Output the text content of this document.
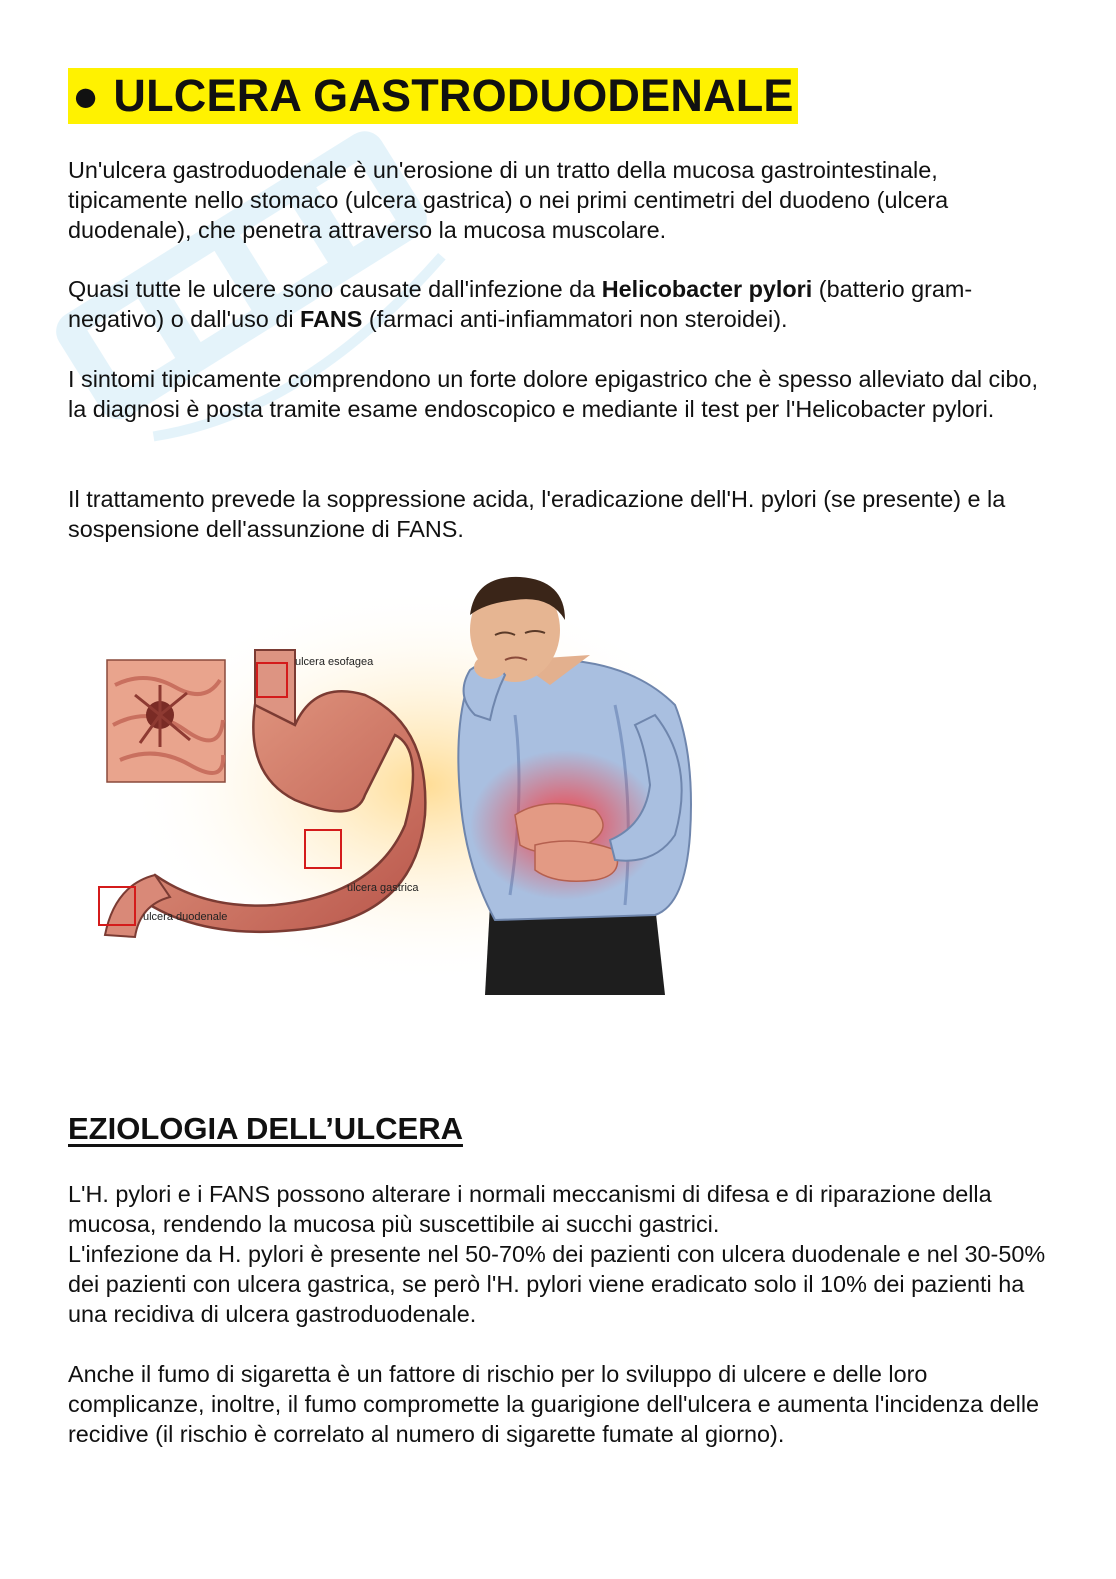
● ULCERA GASTRODUODENALE

Un'ulcera gastroduodenale è un'erosione di un tratto della mucosa gastrointestinale, tipicamente nello stomaco (ulcera gastrica) o nei primi centimetri del duodeno (ulcera duodenale), che penetra attraverso la mucosa muscolare.

Quasi tutte le ulcere sono causate dall'infezione da Helicobacter pylori (batterio gram-negativo) o dall'uso di FANS (farmaci anti-infiammatori non steroidei).

I sintomi tipicamente comprendono un forte dolore epigastrico che è spesso alleviato dal cibo, la diagnosi è posta tramite esame endoscopico e mediante il test per l'Helicobacter pylori.

Il trattamento prevede la soppressione acida, l'eradicazione dell'H. pylori (se presente) e la sospensione dell'assunzione di FANS.

ulcera esofagea
ulcera gastrica
ulcera duodenale
EZIOLOGIA DELL’ULCERA

L'H. pylori e i FANS possono alterare i normali meccanismi di difesa e di riparazione della mucosa, rendendo la mucosa più suscettibile ai succhi gastrici.

L'infezione da H. pylori è presente nel 50-70% dei pazienti con ulcera duodenale e nel 30-50% dei pazienti con ulcera gastrica, se però l'H. pylori viene eradicato solo il 10% dei pazienti ha una recidiva di ulcera gastroduodenale.

Anche il fumo di sigaretta è un fattore di rischio per lo sviluppo di ulcere e delle loro complicanze, inoltre, il fumo compromette la guarigione dell'ulcera e aumenta l'incidenza delle recidive (il rischio è correlato al numero di sigarette fumate al giorno).
